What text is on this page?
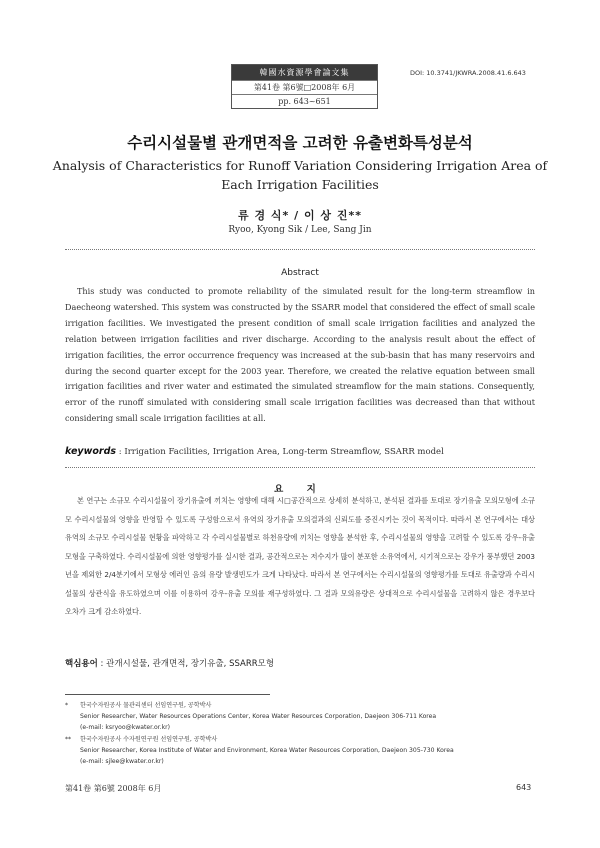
韓國水資源學會論文集
第41卷 第6號□2008年 6月
pp. 643~651
DOI: 10.3741/JKWRA.2008.41.6.643
수리시설물별 관개면적을 고려한 유출변화특성분석
Analysis of Characteristics for Runoff Variation Considering Irrigation Area of Each Irrigation Facilities
류 경 식* / 이 상 진**
Ryoo, Kyong Sik / Lee, Sang Jin
Abstract
This study was conducted to promote reliability of the simulated result for the long-term streamflow in Daecheong watershed. This system was constructed by the SSARR model that considered the effect of small scale irrigation facilities. We investigated the present condition of small scale irrigation facilities and analyzed the relation between irrigation facilities and river discharge. According to the analysis result about the effect of irrigation facilities, the error occurrence frequency was increased at the sub-basin that has many reservoirs and during the second quarter except for the 2003 year. Therefore, we created the relative equation between small irrigation facilities and river water and estimated the simulated streamflow for the main stations. Consequently, error of the runoff simulated with considering small scale irrigation facilities was decreased than that without considering small scale irrigation facilities at all.
keywords : Irrigation Facilities, Irrigation Area, Long-term Streamflow, SSARR model
요 지
본 연구는 소규모 수리시설물이 장기유출에 끼치는 영향에 대해 시□공간적으로 상세히 분석하고, 분석된 결과를 토대로 장기유출 모의모형에 소규모 수리시설물의 영향을 반영할 수 있도록 구성함으로서 유역의 장기유출 모의결과의 신뢰도를 증진시키는 것이 목적이다. 따라서 본 연구에서는 대상유역의 소규모 수리시설물 현황을 파악하고 각 수리시설물별로 하천유량에 끼치는 영향을 분석한 후, 수리시설물의 영향을 고려할 수 있도록 강우-유출 모형을 구축하였다. 수리시설물에 의한 영향평가를 실시한 결과, 공간적으로는 저수지가 많이 분포한 소유역에서, 시기적으로는 강우가 풍부했던 2003년을 제외한 2/4분기에서 모형상 에러인 음의 유량 발생빈도가 크게 나타났다. 따라서 본 연구에서는 수리시설물의 영향평가를 토대로 유출량과 수리시설물의 상관식을 유도하였으며 이를 이용하여 강우-유출 모의를 재구성하였다. 그 결과 모의유량은 상대적으로 수리시설물을 고려하지 않은 경우보다 오차가 크게 감소하였다.
핵심용어 : 관개시설물, 관개면적, 장기유출, SSARR모형
* 한국수자원공사 물관리센터 선임연구원, 공학박사
Senior Researcher, Water Resources Operations Center, Korea Water Resources Corporation, Daejeon 306-711 Korea
(e-mail: ksryoo@kwater.or.kr)
** 한국수자원공사 수자원연구원 선임연구원, 공학박사
Senior Researcher, Korea Institute of Water and Environment, Korea Water Resources Corporation, Daejeon 305-730 Korea
(e-mail: sjlee@kwater.or.kr)
第41卷 第6號 2008年 6月	643
